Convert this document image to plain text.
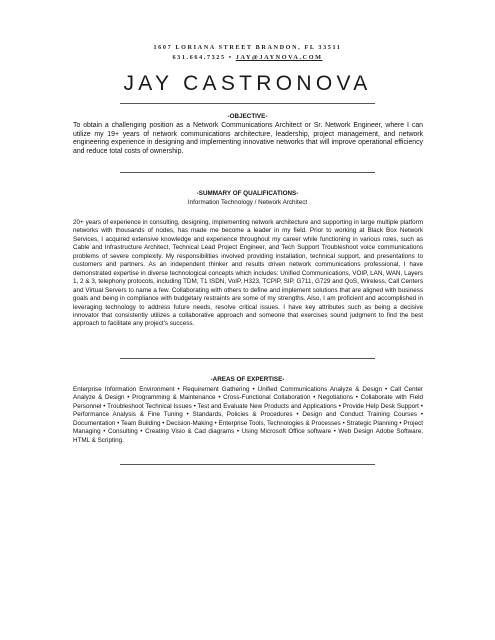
1607 LORIANA STREET BRANDON, FL 33511
631.664.7325 • JAY@JAYNOVA.COM
JAY CASTRONOVA
-OBJECTIVE-
To obtain a challenging position as a Network Communications Architect or Sr. Network Engineer, where I can utilize my 19+ years of network communications architecture, leadership, project management, and network engineering experience in designing and implementing innovative networks that will improve operational efficiency and reduce total costs of ownership.
-SUMMARY OF QUALIFICATIONS-
Information Technology / Network Architect
20+ years of experience in consulting, designing, implementing network architecture and supporting in large multiple platform networks with thousands of nodes, has made me become a leader in my field. Prior to working at Black Box Network Services, I acquired extensive knowledge and experience throughout my career while functioning in various roles, such as Cable and Infrastructure Architect, Technical Lead Project Engineer, and Tech Support Troubleshoot voice communications problems of severe complexity. My responsibilities involved providing installation, technical support, and presentations to customers and partners. As an independent thinker and results driven network communications professional, I have demonstrated expertise in diverse technological concepts which includes: Unified Communications, VOIP, LAN, WAN, Layers 1, 2 & 3, telephony protocols, including TDM, T1 ISDN, VoIP, H323, TCPIP, SIP, G711, G729 and QoS, Wireless, Call Centers and Virtual Servers to name a few. Collaborating with others to define and implement solutions that are aligned with business goals and being in compliance with budgetary restraints are some of my strengths. Also, I am proficient and accomplished in leveraging technology to address future needs, resolve critical issues. I have key attributes such as being a decisive innovator that consistently utilizes a collaborative approach and someone that exercises sound judgment to find the best approach to facilitate any project's success.
-AREAS OF EXPERTISE-
Enterprise Information Environment • Requirement Gathering • Unified Communications Analyze & Design • Call Center Analyze & Design • Programming & Maintenance • Cross-Functional Collaboration • Negotiations • Collaborate with Field Personnel • Troubleshoot Technical Issues • Test and Evaluate New Products and Applications • Provide Help Desk Support • Performance Analysis & Fine Tuning • Standards, Policies & Procedures • Design and Conduct Training Courses • Documentation • Team Building • Decision-Making • Enterprise Tools, Technologies & Processes • Strategic Planning • Project Managing • Consulting • Creating Visio & Cad diagrams • Using Microsoft Office software • Web Design Adobe Software, HTML & Scripting.
